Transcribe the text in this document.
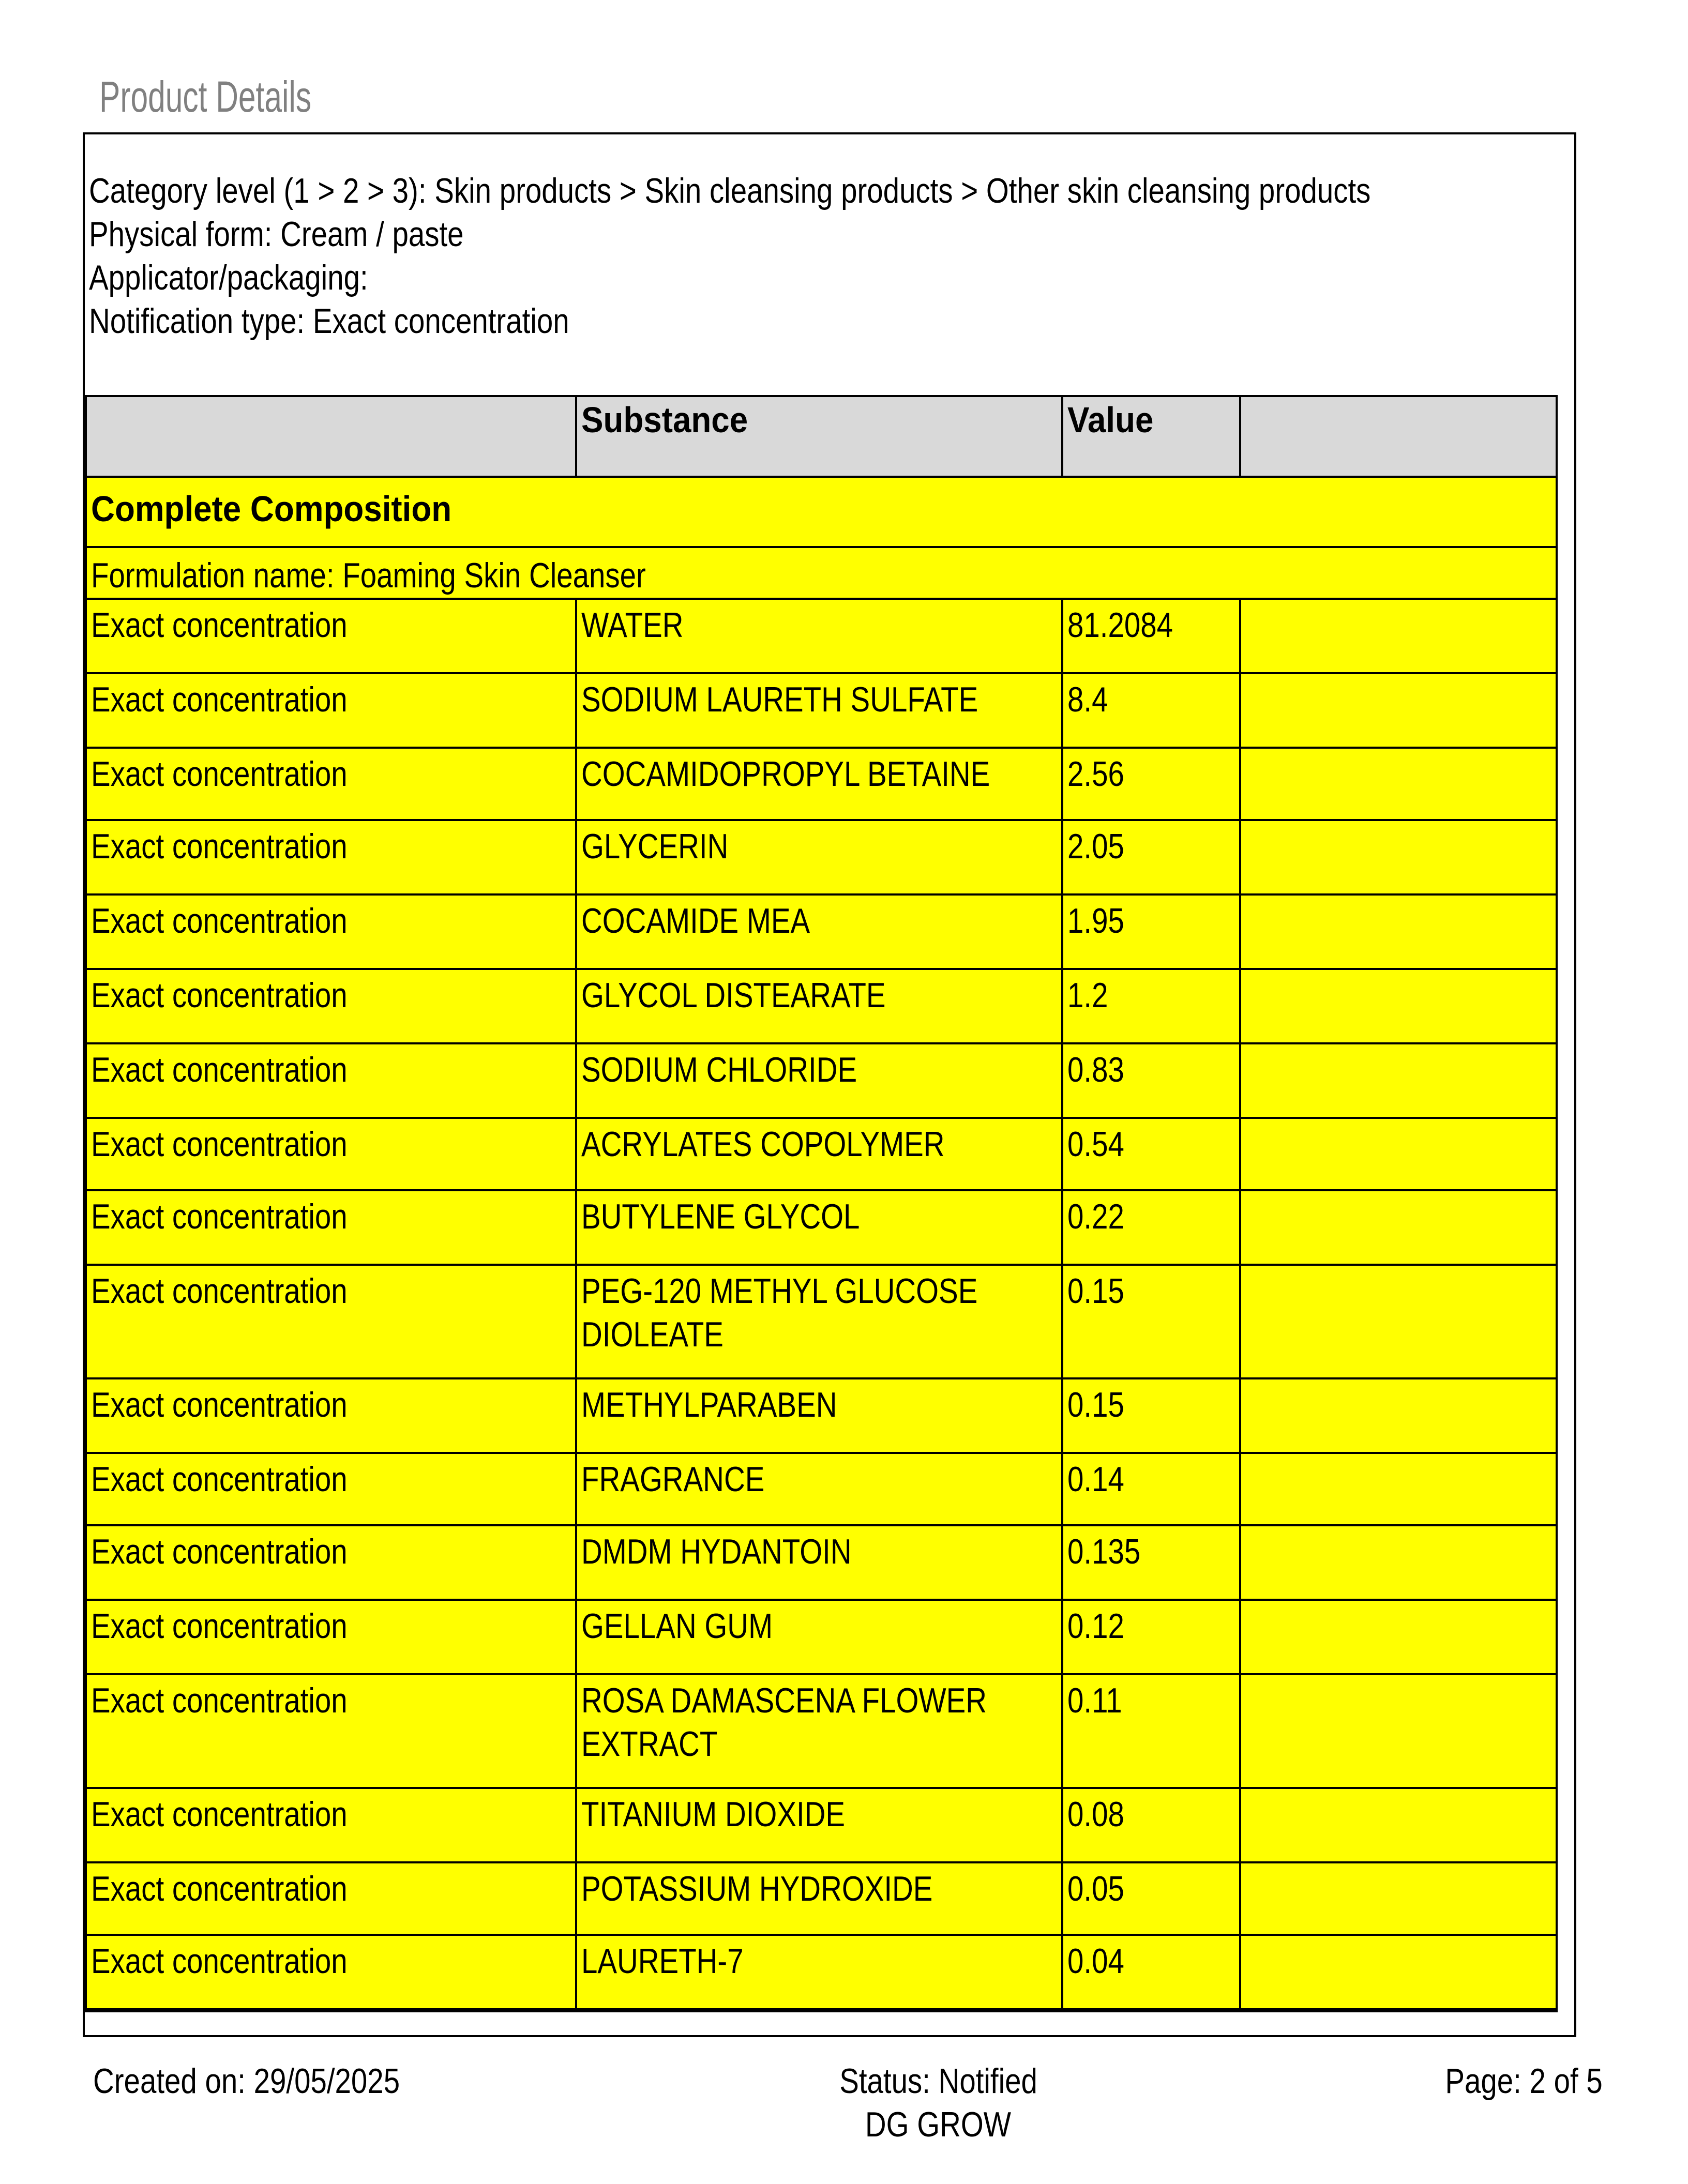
Product Details
Category level (1 > 2 > 3): Skin products > Skin cleansing products > Other skin cleansing products
Physical form: Cream / paste
Applicator/packaging:
Notification type: Exact concentration
	Substance	Value	
Complete Composition			
Formulation name: Foaming Skin Cleanser			
Exact concentration	WATER	81.2084	
Exact concentration	SODIUM LAURETH SULFATE	8.4	
Exact concentration	COCAMIDOPROPYL BETAINE	2.56	
Exact concentration	GLYCERIN	2.05	
Exact concentration	COCAMIDE MEA	1.95	
Exact concentration	GLYCOL DISTEARATE	1.2	
Exact concentration	SODIUM CHLORIDE	0.83	
Exact concentration	ACRYLATES COPOLYMER	0.54	
Exact concentration	BUTYLENE GLYCOL	0.22	
Exact concentration	PEG-120 METHYL GLUCOSE DIOLEATE	0.15	
Exact concentration	METHYLPARABEN	0.15	
Exact concentration	FRAGRANCE	0.14	
Exact concentration	DMDM HYDANTOIN	0.135	
Exact concentration	GELLAN GUM	0.12	
Exact concentration	ROSA DAMASCENA FLOWER EXTRACT	0.11	
Exact concentration	TITANIUM DIOXIDE	0.08	
Exact concentration	POTASSIUM HYDROXIDE	0.05	
Exact concentration	LAURETH-7	0.04	
Created on: 29/05/2025	Status: Notified
DG GROW
Page: 2 of 5
